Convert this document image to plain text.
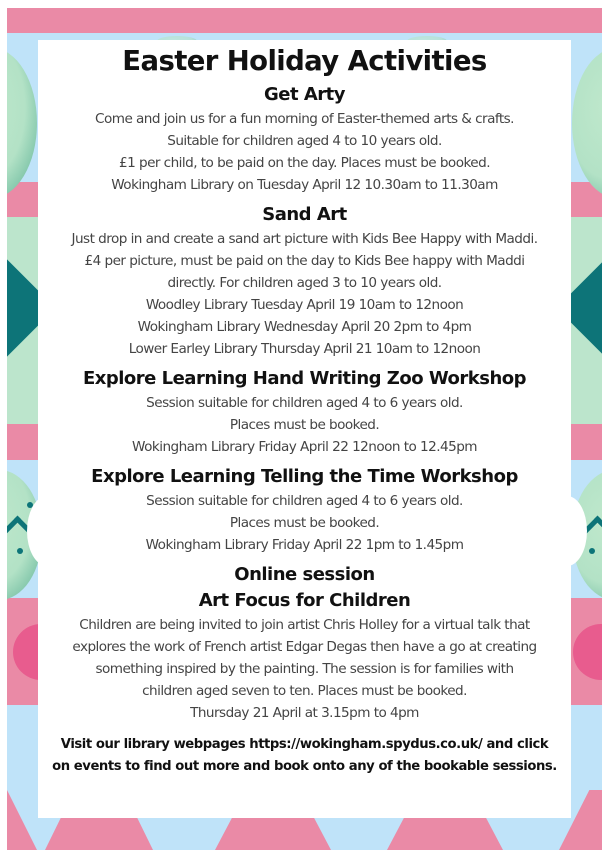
Easter Holiday Activities
Get Arty

Come and join us for a fun morning of Easter-themed arts & crafts.

Suitable for children aged 4 to 10 years old.

£1 per child, to be paid on the day. Places must be booked.

Wokingham Library on Tuesday April 12 10.30am to 11.30am

Sand Art

Just drop in and create a sand art picture with Kids Bee Happy with Maddi.

£4 per picture, must be paid on the day to Kids Bee happy with Maddi

directly. For children aged 3 to 10 years old.

Woodley Library Tuesday April 19 10am to 12noon

Wokingham Library Wednesday April 20 2pm to 4pm

Lower Earley Library Thursday April 21 10am to 12noon

Explore Learning Hand Writing Zoo Workshop

Session suitable for children aged 4 to 6 years old.

Places must be booked.

Wokingham Library Friday April 22 12noon to 12.45pm

Explore Learning Telling the Time Workshop

Session suitable for children aged 4 to 6 years old.

Places must be booked.

Wokingham Library Friday April 22 1pm to 1.45pm

Online session
Art Focus for Children

Children are being invited to join artist Chris Holley for a virtual talk that

explores the work of French artist Edgar Degas then have a go at creating

something inspired by the painting. The session is for families with

children aged seven to ten. Places must be booked.

Thursday 21 April at 3.15pm to 4pm

Visit our library webpages https://wokingham.spydus.co.uk/ and click
on events to find out more and book onto any of the bookable sessions.
